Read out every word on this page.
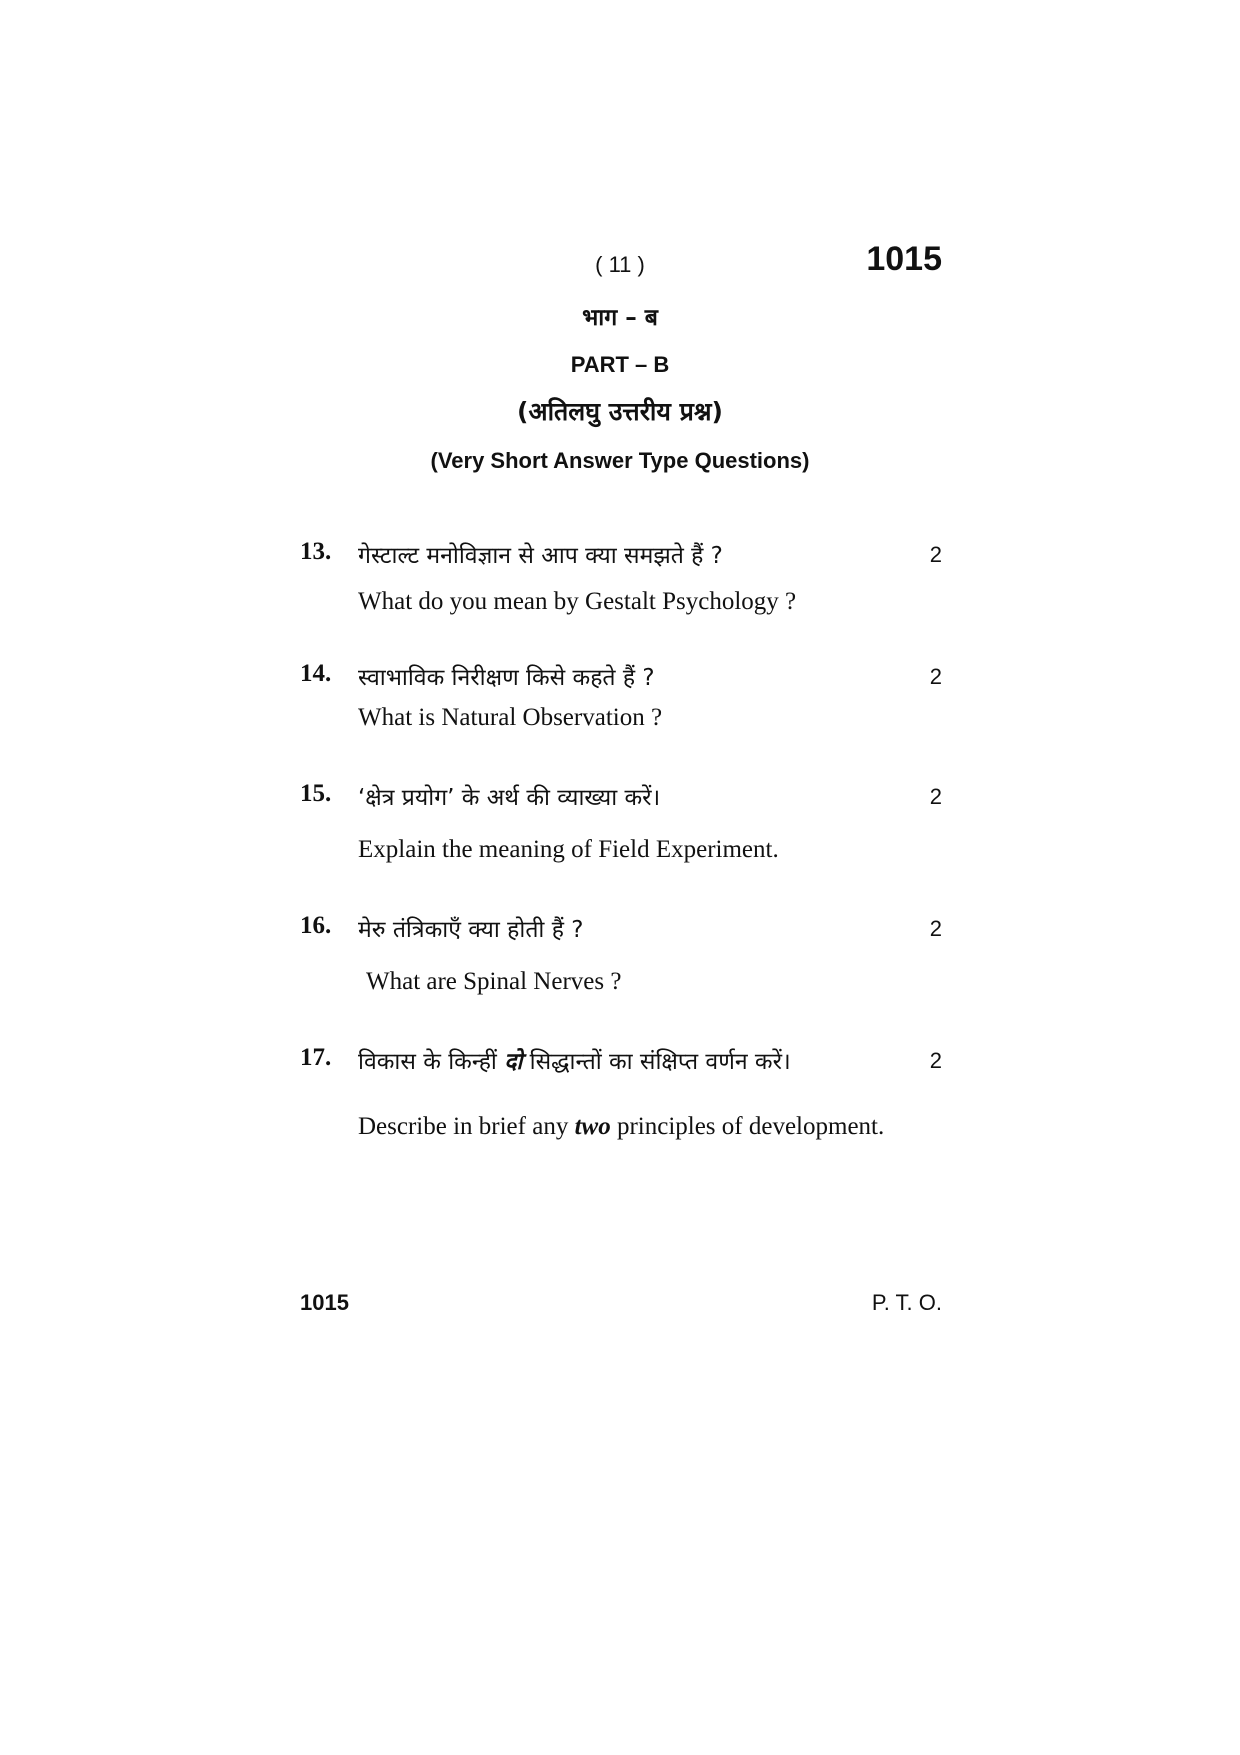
( 11 )	1015
भाग – ब
PART – B
(अतिलघु उत्तरीय प्रश्न)
(Very Short Answer Type Questions)
13. गेस्टाल्ट मनोविज्ञान से आप क्या समझते हैं ?	2
What do you mean by Gestalt Psychology ?
14. स्वाभाविक निरीक्षण किसे कहते हैं ?	2
What is Natural Observation ?
15. ‘क्षेत्र प्रयोग’ के अर्थ की व्याख्या करें।	2
Explain the meaning of Field Experiment.
16. मेरु तंत्रिकाएँ क्या होती हैं ?	2
What are Spinal Nerves ?
17. विकास के किन्हीं दो सिद्धान्तों का संक्षिप्त वर्णन करें।	2
Describe in brief any two principles of development.
1015	P. T. O.
